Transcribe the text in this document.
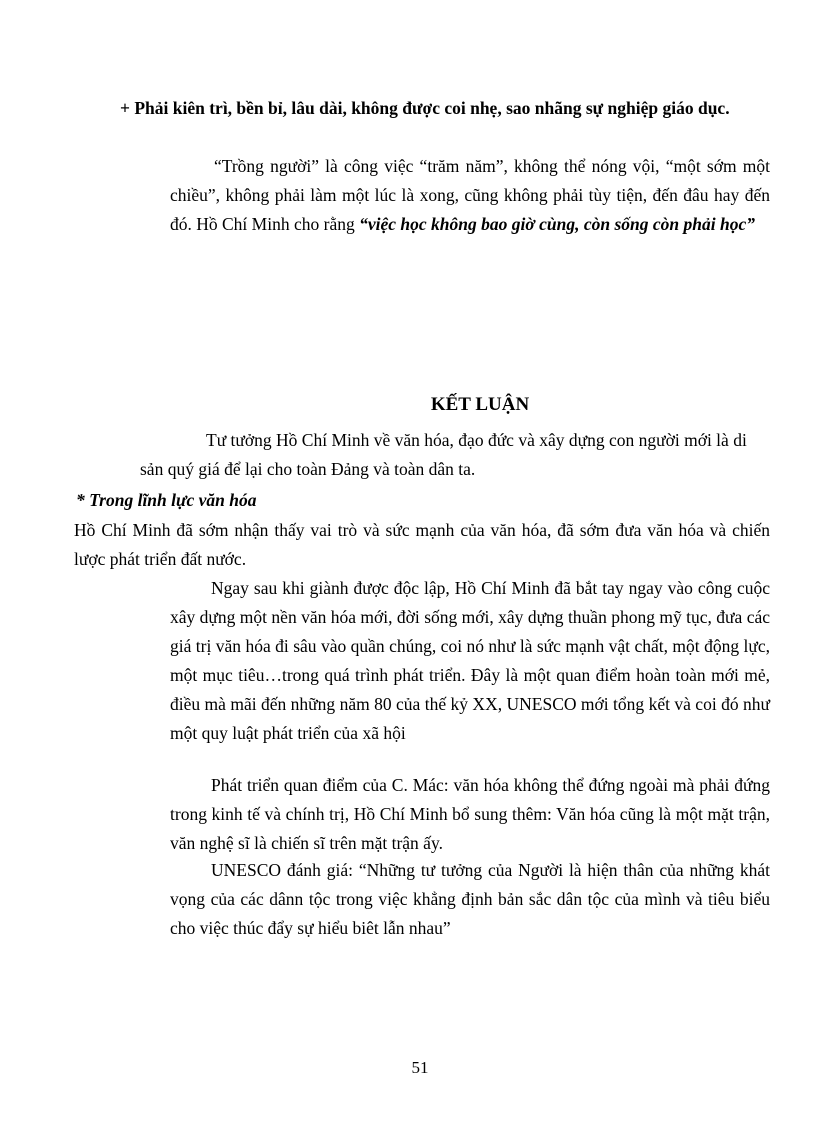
+ Phải kiên trì, bền bỉ, lâu dài, không được coi nhẹ, sao nhãng sự nghiệp giáo dục.

“Trồng người” là công việc “trăm năm”, không thể nóng vội, “một sớm một chiều”, không phải làm một lúc là xong, cũng không phải tùy tiện, đến đâu hay đến đó. Hồ Chí Minh cho rằng “việc học không bao giờ cùng, còn sống còn phải học”

KẾT LUẬN

Tư tưởng Hồ Chí Minh về văn hóa, đạo đức và xây dựng con người mới là di sản quý giá để lại cho toàn Đảng và toàn dân ta.

* Trong lĩnh lực văn hóa

Hồ Chí Minh đã sớm nhận thấy vai trò và sức mạnh của văn hóa, đã sớm đưa văn hóa và chiến lược phát triển đất nước.

Ngay sau khi giành được độc lập, Hồ Chí Minh đã bắt tay ngay vào công cuộc xây dựng một nền văn hóa mới, đời sống mới, xây dựng thuần phong mỹ tục, đưa các giá trị văn hóa đi sâu vào quần chúng, coi nó như là sức mạnh vật chất, một động lực, một mục tiêu…trong quá trình phát triển. Đây là một quan điểm hoàn toàn mới mẻ, điều mà mãi đến những năm 80 của thế kỷ XX, UNESCO mới tổng kết và coi đó như một quy luật phát triển của xã hội

Phát triển quan điểm của C. Mác: văn hóa không thể đứng ngoài mà phải đứng trong kinh tế và chính trị, Hồ Chí Minh bổ sung thêm: Văn hóa cũng là một mặt trận, văn nghệ sĩ là chiến sĩ trên mặt trận ấy.

UNESCO đánh giá: “Những tư tưởng của Người là hiện thân của những khát vọng của các dânn tộc trong việc khẳng định bản sắc dân tộc của mình và tiêu biểu cho việc thúc đẩy sự hiểu biêt lẫn nhau”

51
